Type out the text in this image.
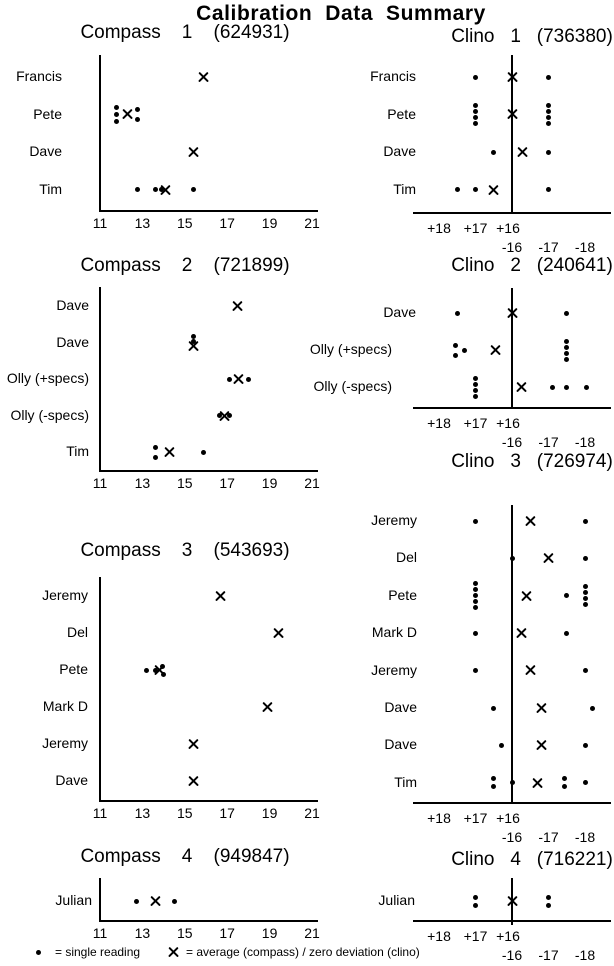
Calibration  Data  Summary
Compass    1    (624931)
11 13 15 17 19 21
Francis
Pete
Dave
Tim
Clino   1   (736380)
+18 +17 +16
-16 -17 -18
Francis
Pete
Dave
Tim
Compass    2    (721899)
11 13 15 17 19 21
Dave
Dave
Olly (+specs)
Olly (-specs)
Tim
Clino   2   (240641)
+18 +17 +16
-16 -17 -18
Dave
Olly (+specs)
Olly (-specs)
Compass    3    (543693)
11 13 15 17 19 21
Jeremy
Del
Pete
Mark D
Jeremy
Dave
Clino   3   (726974)
+18 +17 +16
-16 -17 -18
Jeremy
Del
Pete
Mark D
Jeremy
Dave
Dave
Tim
Compass    4    (949847)
11 13 15 17 19 21
Julian
Clino   4   (716221)
+18 +17 +16
-16 -17 -18
Julian
= single reading	= average (compass) / zero deviation (clino)
